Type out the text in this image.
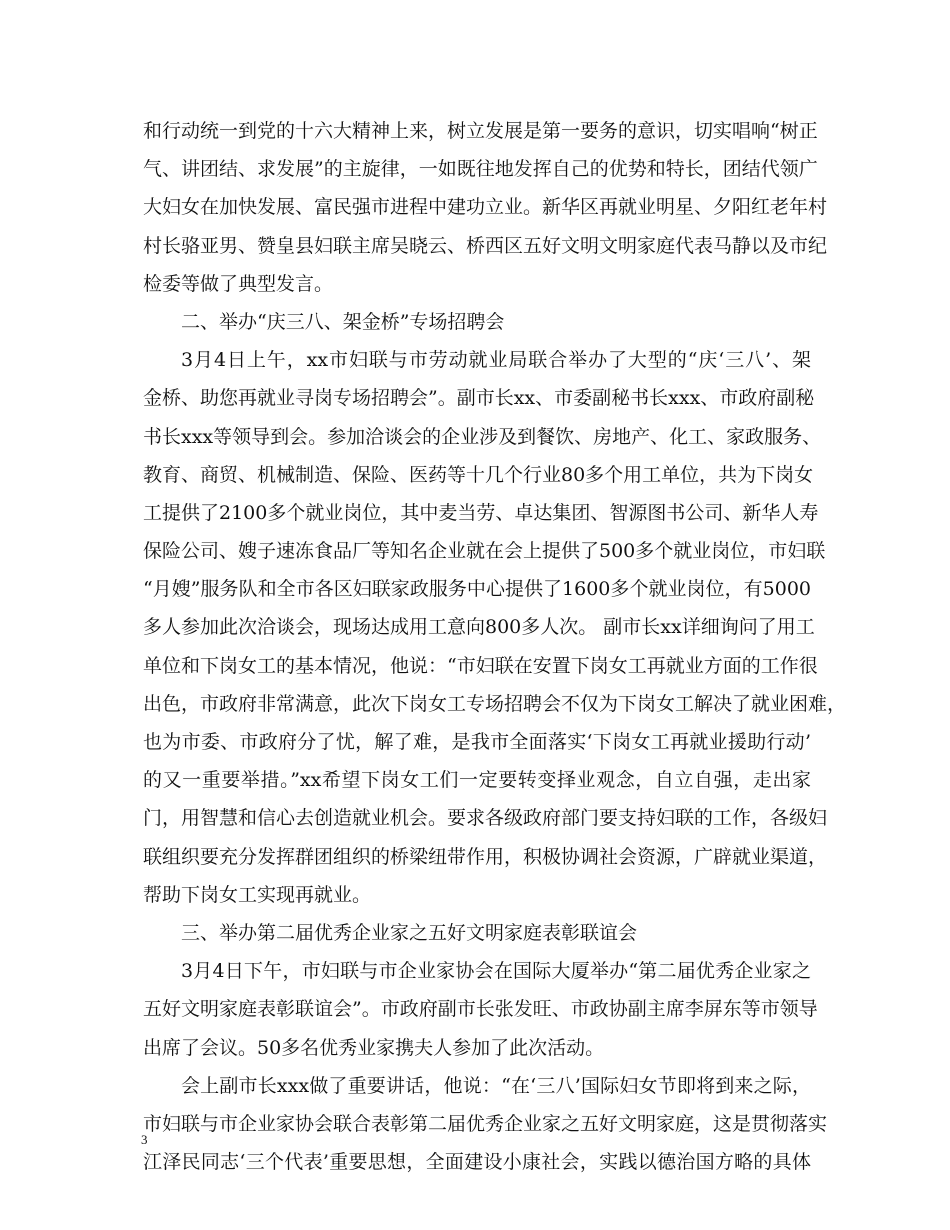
和行动统一到党的十六大精神上来，树立发展是第一要务的意识，切实唱响“树正
气、讲团结、求发展”的主旋律，一如既往地发挥自己的优势和特长，团结代领广
大妇女在加快发展、富民强市进程中建功立业。新华区再就业明星、夕阳红老年村
村长骆亚男、赞皇县妇联主席吴晓云、桥西区五好文明文明家庭代表马静以及市纪
检委等做了典型发言。
二、举办“庆三八、架金桥”专场招聘会
3月4日上午，xx市妇联与市劳动就业局联合举办了大型的“庆‘三八’、架
金桥、助您再就业寻岗专场招聘会”。副市长xx、市委副秘书长xxx、市政府副秘
书长xxx等领导到会。参加洽谈会的企业涉及到餐饮、房地产、化工、家政服务、
教育、商贸、机械制造、保险、医药等十几个行业80多个用工单位，共为下岗女
工提供了2100多个就业岗位，其中麦当劳、卓达集团、智源图书公司、新华人寿
保险公司、嫂子速冻食品厂等知名企业就在会上提供了500多个就业岗位，市妇联
“月嫂”服务队和全市各区妇联家政服务中心提供了1600多个就业岗位，有5000
多人参加此次洽谈会，现场达成用工意向800多人次。 副市长xx详细询问了用工
单位和下岗女工的基本情况，他说：“市妇联在安置下岗女工再就业方面的工作很
出色，市政府非常满意，此次下岗女工专场招聘会不仅为下岗女工解决了就业困难，
也为市委、市政府分了忧，解了难，是我市全面落实‘下岗女工再就业援助行动’
的又一重要举措。”xx希望下岗女工们一定要转变择业观念，自立自强，走出家
门，用智慧和信心去创造就业机会。要求各级政府部门要支持妇联的工作，各级妇
联组织要充分发挥群团组织的桥梁纽带作用，积极协调社会资源，广辟就业渠道，
帮助下岗女工实现再就业。
三、举办第二届优秀企业家之五好文明家庭表彰联谊会
3月4日下午，市妇联与市企业家协会在国际大厦举办“第二届优秀企业家之
五好文明家庭表彰联谊会”。市政府副市长张发旺、市政协副主席李屏东等市领导
出席了会议。50多名优秀业家携夫人参加了此次活动。
会上副市长xxx做了重要讲话，他说：“在‘三八’国际妇女节即将到来之际，
市妇联与市企业家协会联合表彰第二届优秀企业家之五好文明家庭，这是贯彻落实
江泽民同志‘三个代表’重要思想，全面建设小康社会，实践以德治国方略的具体
3
